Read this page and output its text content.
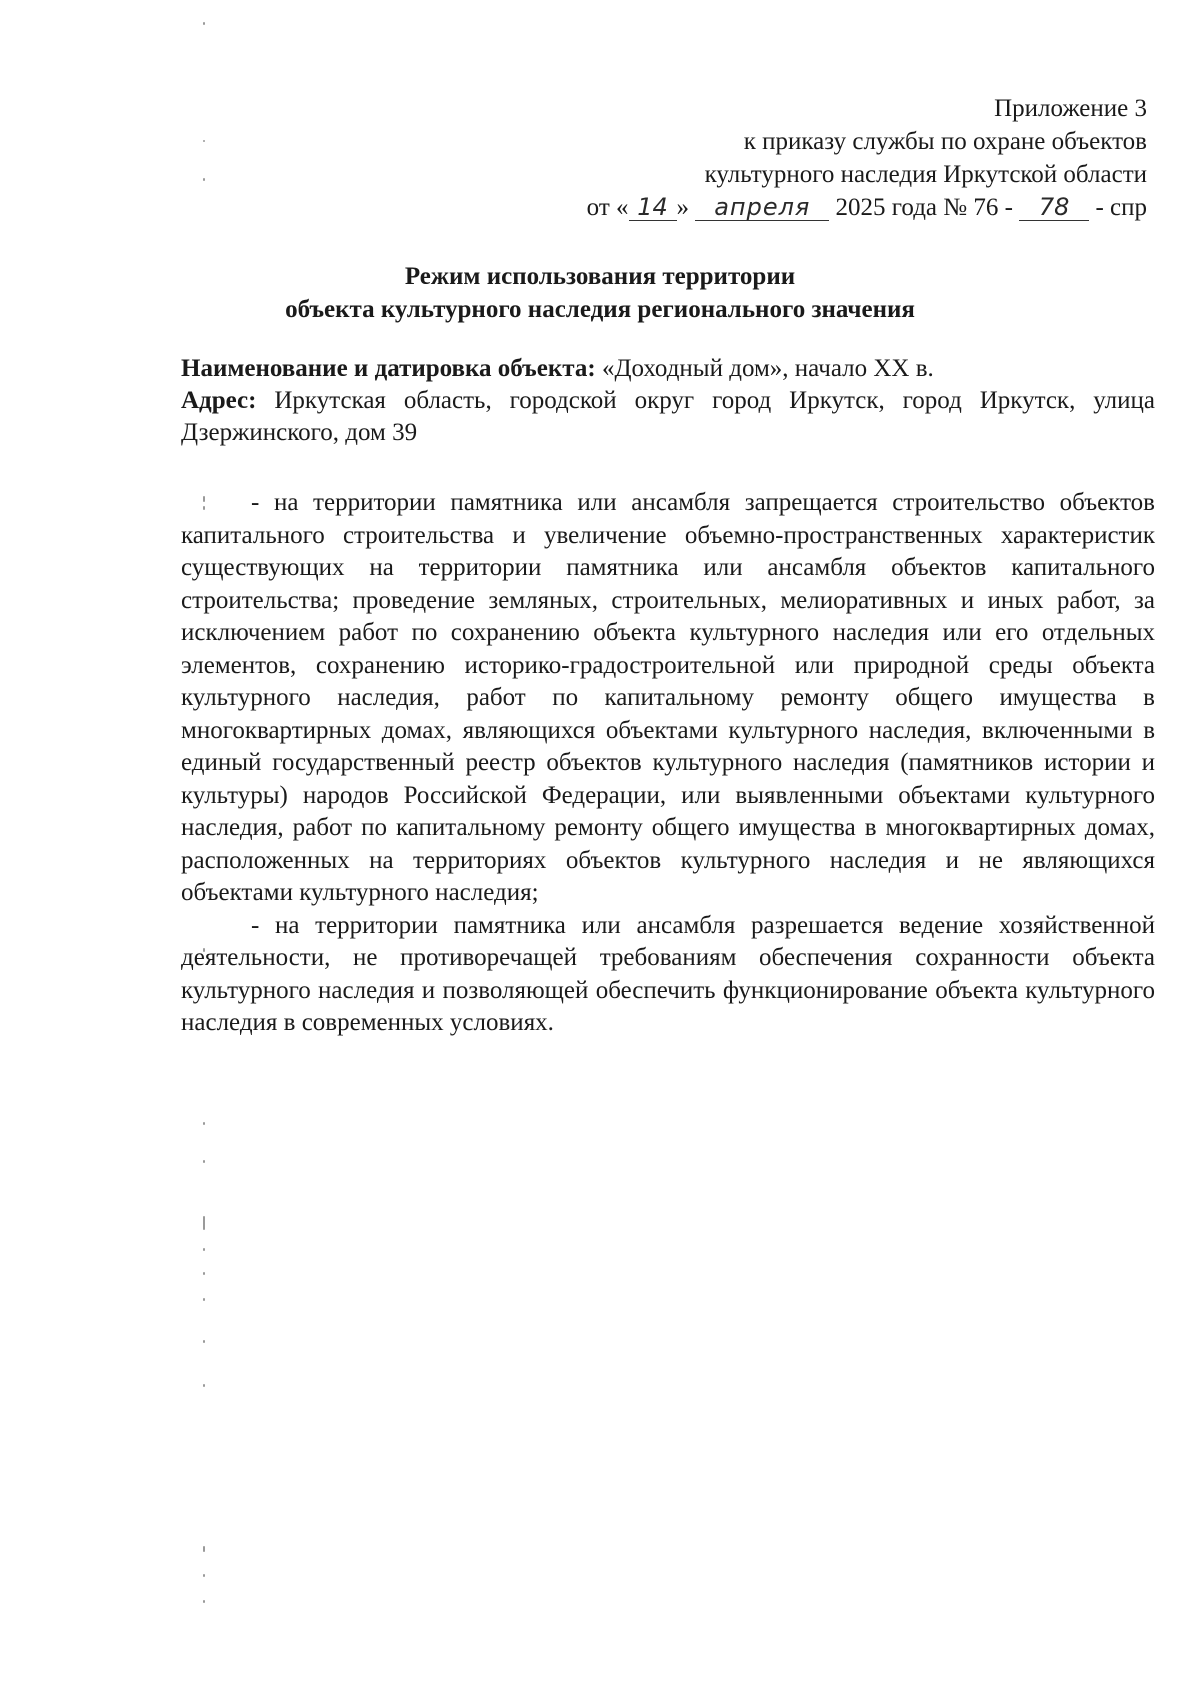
Приложение 3
к приказу службы по охране объектов
культурного наследия Иркутской области
от « 14 » апреля 2025 года № 76 - 78 - спр
Режим использования территории
объекта культурного наследия регионального значения

Наименование и датировка объекта: «Доходный дом», начало XX в.

Адрес: Иркутская область, городской округ город Иркутск, город Иркутск, улица Дзержинского, дом 39

- на территории памятника или ансамбля запрещается строительство объектов капитального строительства и увеличение объемно-пространственных характеристик существующих на территории памятника или ансамбля объектов капитального строительства; проведение земляных, строительных, мелиоративных и иных работ, за исключением работ по сохранению объекта культурного наследия или его отдельных элементов, сохранению историко-градостроительной или природной среды объекта культурного наследия, работ по капитальному ремонту общего имущества в многоквартирных домах, являющихся объектами культурного наследия, включенными в единый государственный реестр объектов культурного наследия (памятников истории и культуры) народов Российской Федерации, или выявленными объектами культурного наследия, работ по капитальному ремонту общего имущества в многоквартирных домах, расположенных на территориях объектов культурного наследия и не являющихся объектами культурного наследия;

- на территории памятника или ансамбля разрешается ведение хозяйственной деятельности, не противоречащей требованиям обеспечения сохранности объекта культурного наследия и позволяющей обеспечить функционирование объекта культурного наследия в современных условиях.
